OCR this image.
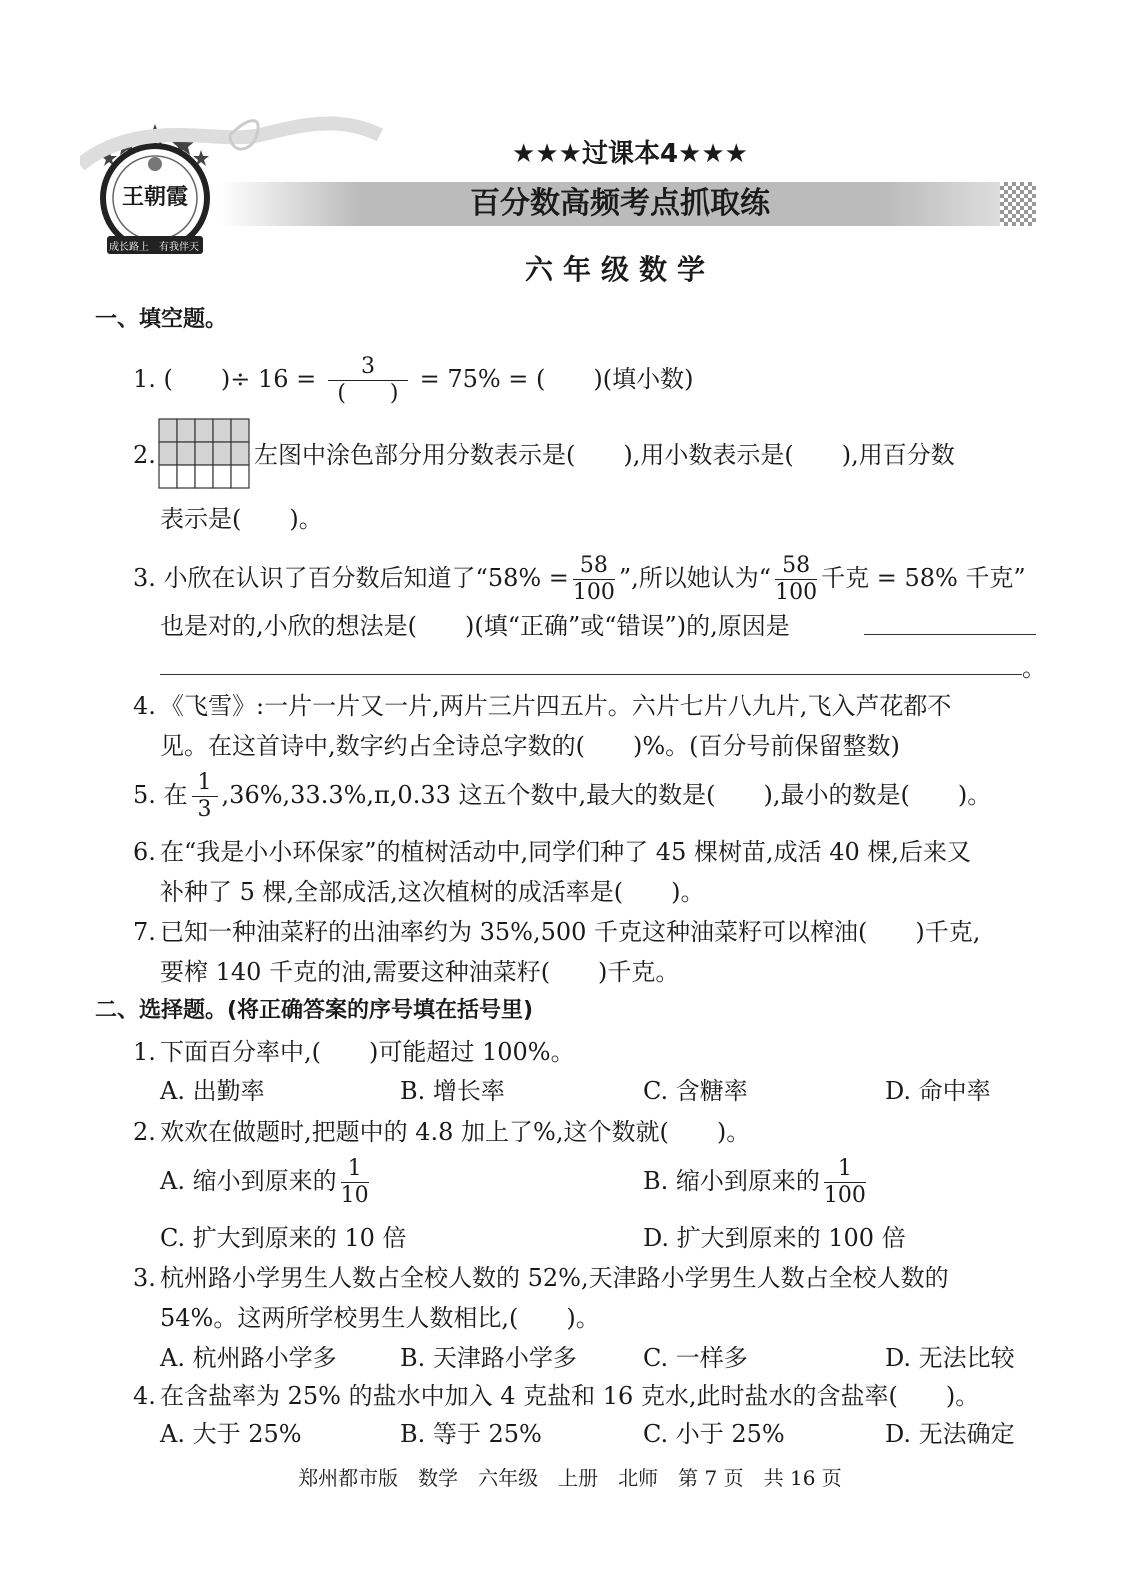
王朝霞
成长路上 有我伴天
★★★过课本4★★★
百分数高频考点抓取练
六年级数学
一、填空题。
1. (　　)÷ $16 = \frac{3}{( )} = 75\%$ = (　　)(填小数)
2.	左图中涂色部分用分数表示是(　　),用小数表示是(　　),用百分数
表示是(　　)。
3. 小欣在认识了百分数后知道了“$58\% = \frac{58}{100}$ ”,所以她认为“ $\frac{58}{100}$ 千克 = 58% 千克”
也是对的,小欣的想法是(　　)(填“正确”或“错误”)的,原因是
。
4. 《飞雪》:一片一片又一片,两片三片四五片。六片七片八九片,飞入芦花都不
见。在这首诗中,数字约占全诗总字数的(　　)%。(百分号前保留整数)
5. 在 $\frac{1}{3} ,36\%,33.3\%,\pi,0.33$ 这五个数中,最大的数是(　　),最小的数是(　　)。
6. 在“我是小小环保家”的植树活动中,同学们种了 45 棵树苗,成活 40 棵,后来又
补种了 5 棵,全部成活,这次植树的成活率是(　　)。
7. 已知一种油菜籽的出油率约为 35%,500 千克这种油菜籽可以榨油(　　)千克,
要榨 140 千克的油,需要这种油菜籽(　　)千克。
二、选择题。(将正确答案的序号填在括号里)
1. 下面百分率中,(　　)可能超过 100%。
A. 出勤率	B. 增长率	C. 含糖率	D. 命中率
2. 欢欢在做题时,把题中的 4.8 加上了%,这个数就(　　)。
A. 缩小到原来的 $\frac{1}{10}$	B. 缩小到原来的 $\frac{1}{100}$
C. 扩大到原来的 10 倍	D. 扩大到原来的 100 倍
3. 杭州路小学男生人数占全校人数的 52%,天津路小学男生人数占全校人数的
54%。这两所学校男生人数相比,(　　)。
A. 杭州路小学多	B. 天津路小学多	C. 一样多	D. 无法比较
4. 在含盐率为 25% 的盐水中加入 4 克盐和 16 克水,此时盐水的含盐率(　　)。
A. 大于 25%	B. 等于 25%	C. 小于 25%	D. 无法确定
郑州都市版　数学　六年级　上册　北师　第 7 页　共 16 页
